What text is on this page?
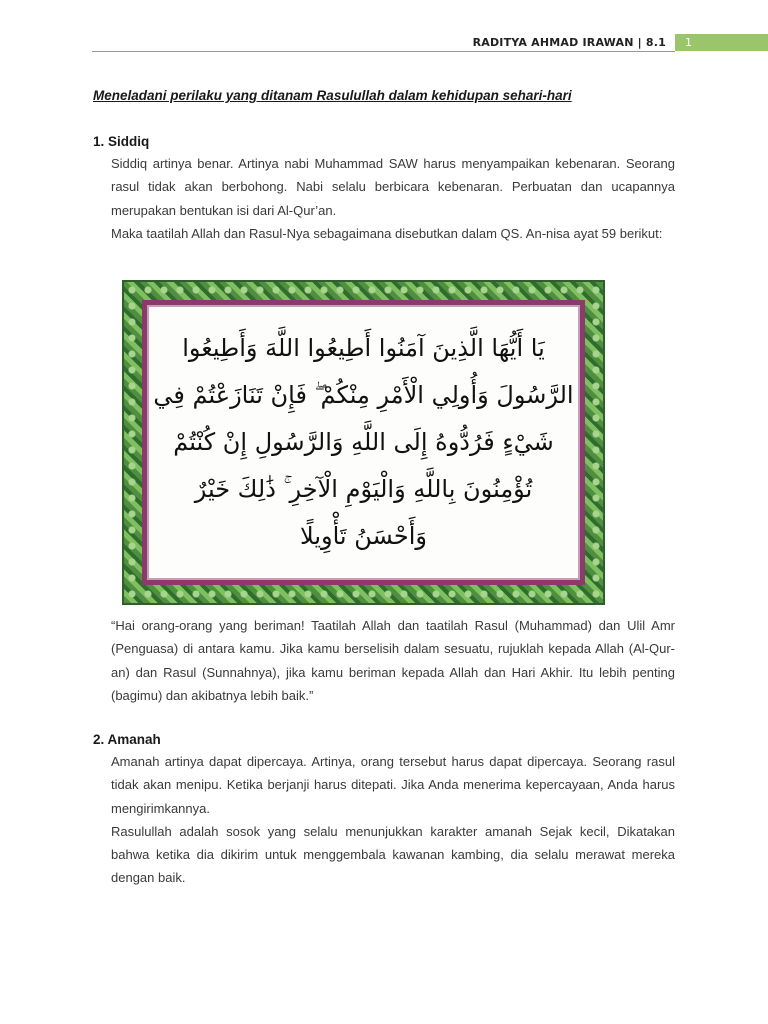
RADITYA AHMAD IRAWAN | 8.1	1
Meneladani perilaku yang ditanam Rasulullah dalam kehidupan sehari-hari
1. Siddiq

Siddiq artinya benar. Artinya nabi Muhammad SAW harus menyampaikan kebenaran. Seorang rasul tidak akan berbohong. Nabi selalu berbicara kebenaran. Perbuatan dan ucapannya merupakan bentukan isi dari Al-Qur’an.

Maka taatilah Allah dan Rasul-Nya sebagaimana disebutkan dalam QS. An-nisa ayat 59 berikut:

يَا أَيُّهَا الَّذِينَ آمَنُوا أَطِيعُوا اللَّهَ وَأَطِيعُوا
الرَّسُولَ وَأُولِي الْأَمْرِ مِنْكُمْ ۖ فَإِنْ تَنَازَعْتُمْ فِي
شَيْءٍ فَرُدُّوهُ إِلَى اللَّهِ وَالرَّسُولِ إِنْ كُنْتُمْ
تُؤْمِنُونَ بِاللَّهِ وَالْيَوْمِ الْآخِرِ ۚ ذَٰلِكَ خَيْرٌ
وَأَحْسَنُ تَأْوِيلًا
“Hai orang-orang yang beriman! Taatilah Allah dan taatilah Rasul (Muhammad) dan Ulil Amr (Penguasa) di antara kamu. Jika kamu berselisih dalam sesuatu, rujuklah kepada Allah (Al-Qur-an) dan Rasul (Sunnahnya), jika kamu beriman kepada Allah dan Hari Akhir. Itu lebih penting (bagimu) dan akibatnya lebih baik.”
2. Amanah

Amanah artinya dapat dipercaya. Artinya, orang tersebut harus dapat dipercaya. Seorang rasul tidak akan menipu. Ketika berjanji harus ditepati. Jika Anda menerima kepercayaan, Anda harus mengirimkannya.

Rasulullah adalah sosok yang selalu menunjukkan karakter amanah Sejak kecil, Dikatakan bahwa ketika dia dikirim untuk menggembala kawanan kambing, dia selalu merawat mereka dengan baik.
